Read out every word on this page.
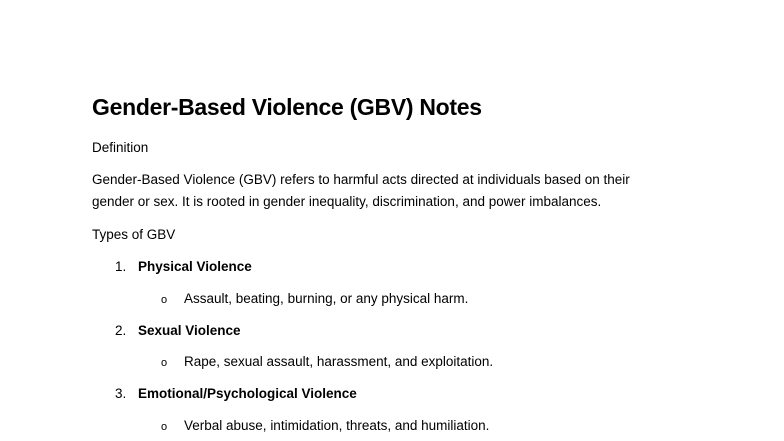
Gender-Based Violence (GBV) Notes
Definition
Gender-Based Violence (GBV) refers to harmful acts directed at individuals based on their
gender or sex. It is rooted in gender inequality, discrimination, and power imbalances.
Types of GBV
1. Physical Violence
o Assault, beating, burning, or any physical harm.
2. Sexual Violence
o Rape, sexual assault, harassment, and exploitation.
3. Emotional/Psychological Violence
o Verbal abuse, intimidation, threats, and humiliation.
